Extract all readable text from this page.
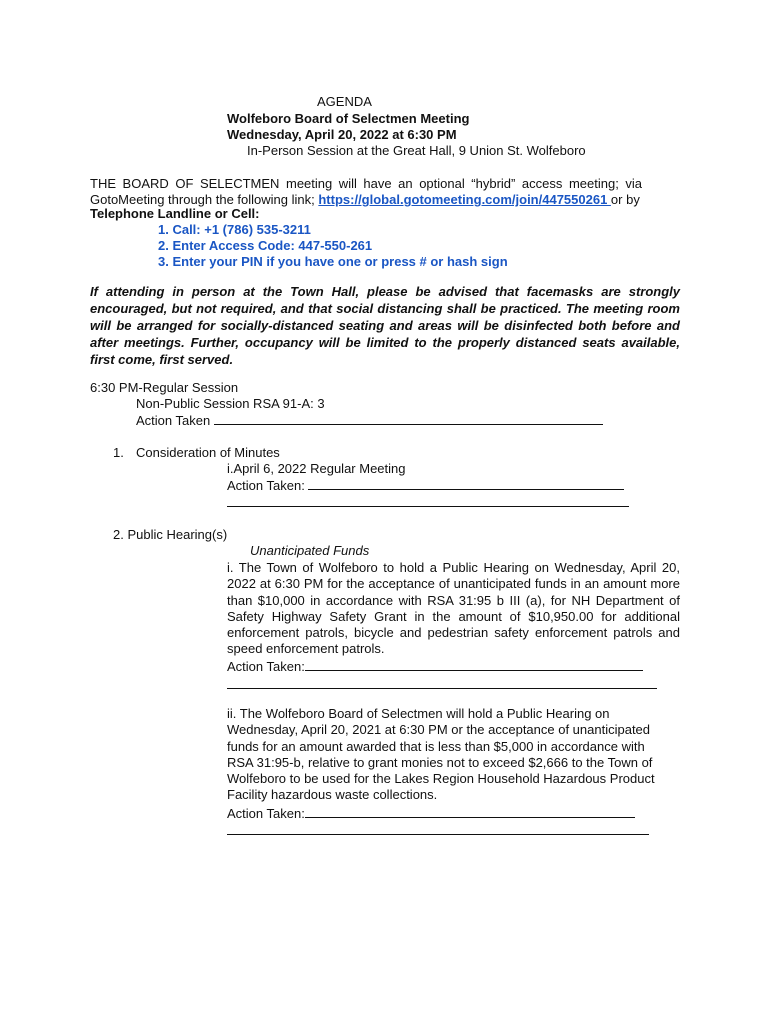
AGENDA
Wolfeboro Board of Selectmen Meeting
Wednesday, April 20, 2022 at 6:30 PM
In-Person Session at the Great Hall, 9 Union St. Wolfeboro
THE BOARD OF SELECTMEN meeting will have an optional “hybrid” access meeting; via GotoMeeting through the following link; https://global.gotomeeting.com/join/447550261 or by
Telephone Landline or Cell:
1. Call: +1 (786) 535-3211
2. Enter Access Code: 447-550-261
3. Enter your PIN if you have one or press # or hash sign
If attending in person at the Town Hall, please be advised that facemasks are strongly encouraged, but not required, and that social distancing shall be practiced. The meeting room will be arranged for socially-distanced seating and areas will be disinfected both before and after meetings. Further, occupancy will be limited to the properly distanced seats available, first come, first served.
6:30 PM-Regular Session
Non-Public Session RSA 91-A: 3
Action Taken
1. Consideration of Minutes
i.April 6, 2022 Regular Meeting
Action Taken:
2. Public Hearing(s)
Unanticipated Funds
i. The Town of Wolfeboro to hold a Public Hearing on Wednesday, April 20, 2022 at 6:30 PM for the acceptance of unanticipated funds in an amount more than $10,000 in accordance with RSA 31:95 b III (a), for NH Department of Safety Highway Safety Grant in the amount of $10,950.00 for additional enforcement patrols, bicycle and pedestrian safety enforcement patrols and speed enforcement patrols.
Action Taken:
ii. The Wolfeboro Board of Selectmen will hold a Public Hearing on Wednesday, April 20, 2021 at 6:30 PM or the acceptance of unanticipated funds for an amount awarded that is less than $5,000 in accordance with RSA 31:95-b, relative to grant monies not to exceed $2,666 to the Town of Wolfeboro to be used for the Lakes Region Household Hazardous Product Facility hazardous waste collections.
Action Taken:
